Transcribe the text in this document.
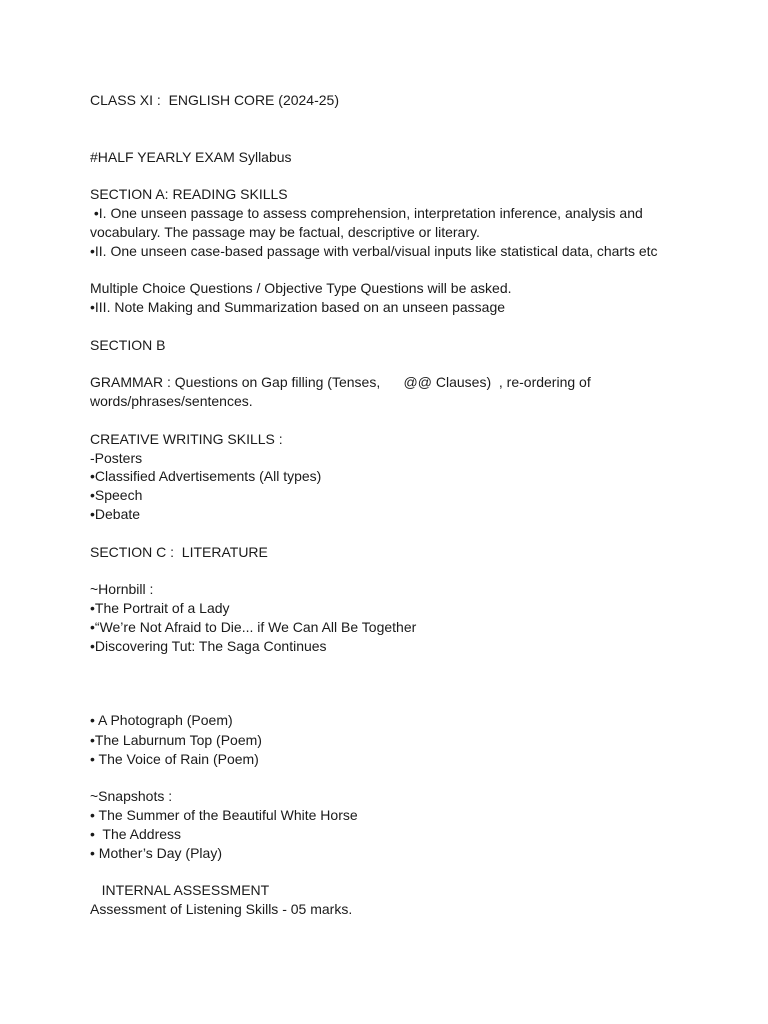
CLASS XI :  ENGLISH CORE (2024-25)
#HALF YEARLY EXAM Syllabus
SECTION A: READING SKILLS
•I. One unseen passage to assess comprehension, interpretation inference, analysis and
vocabulary. The passage may be factual, descriptive or literary.
•II. One unseen case-based passage with verbal/visual inputs like statistical data, charts etc
Multiple Choice Questions / Objective Type Questions will be asked.
•III. Note Making and Summarization based on an unseen passage
SECTION B
GRAMMAR : Questions on Gap filling (Tenses,      @@ Clauses)  , re-ordering of
words/phrases/sentences.
CREATIVE WRITING SKILLS :
-Posters
•Classified Advertisements (All types)
•Speech
•Debate
SECTION C :  LITERATURE
~Hornbill :
•The Portrait of a Lady
•“We’re Not Afraid to Die... if We Can All Be Together
•Discovering Tut: The Saga Continues
• A Photograph (Poem)
•The Laburnum Top (Poem)
• The Voice of Rain (Poem)
~Snapshots :
• The Summer of the Beautiful White Horse
•  The Address
• Mother’s Day (Play)
INTERNAL ASSESSMENT
Assessment of Listening Skills - 05 marks.
